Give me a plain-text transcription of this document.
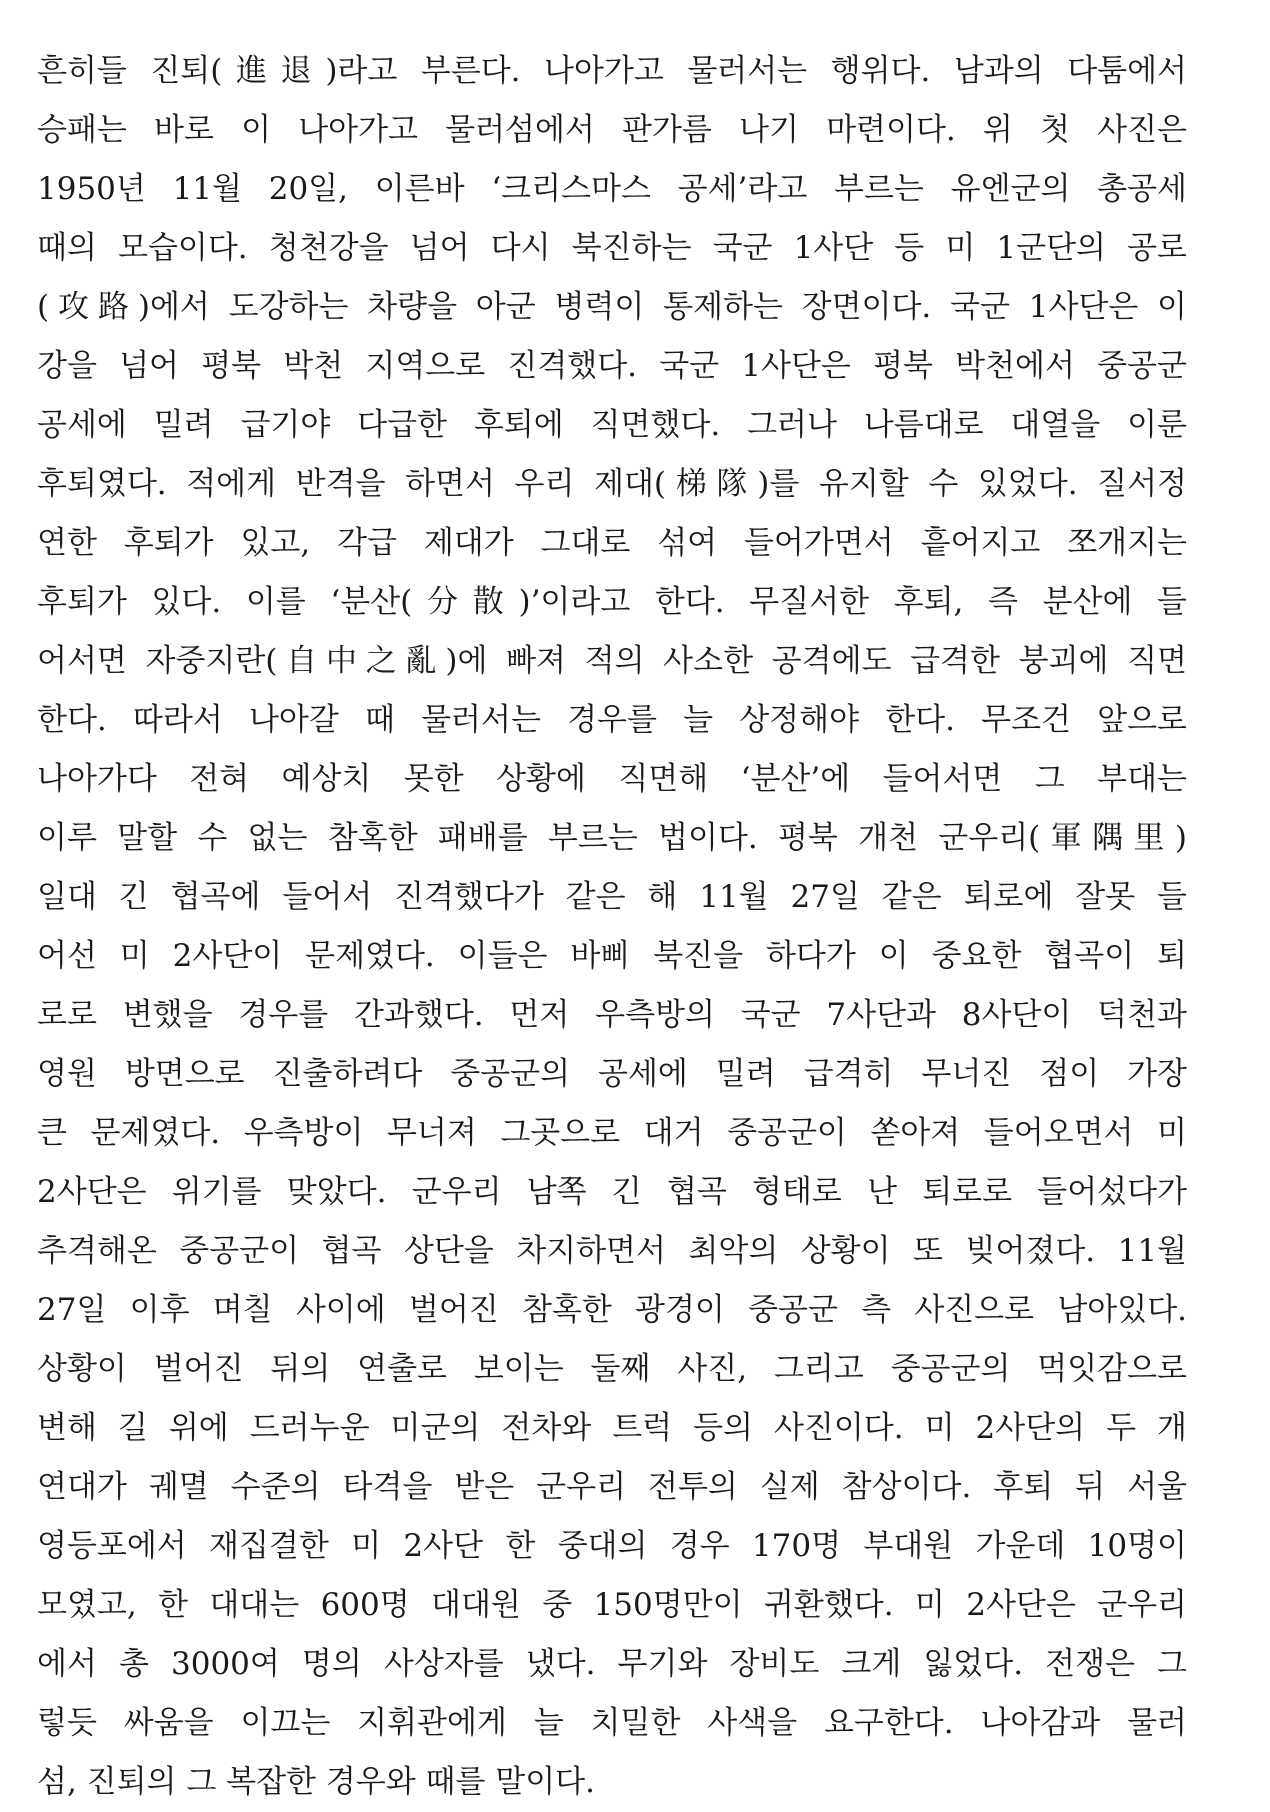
흔히들 진퇴(進退)라고 부른다. 나아가고 물러서는 행위다. 남과의 다툼에서
승패는 바로 이 나아가고 물러섬에서 판가름 나기 마련이다. 위 첫 사진은
1950년 11월 20일, 이른바 ‘크리스마스 공세’라고 부르는 유엔군의 총공세
때의 모습이다. 청천강을 넘어 다시 북진하는 국군 1사단 등 미 1군단의 공로
(攻路)에서 도강하는 차량을 아군 병력이 통제하는 장면이다. 국군 1사단은 이
강을 넘어 평북 박천 지역으로 진격했다. 국군 1사단은 평북 박천에서 중공군
공세에 밀려 급기야 다급한 후퇴에 직면했다. 그러나 나름대로 대열을 이룬
후퇴였다. 적에게 반격을 하면서 우리 제대(梯隊)를 유지할 수 있었다. 질서정
연한 후퇴가 있고, 각급 제대가 그대로 섞여 들어가면서 흩어지고 쪼개지는
후퇴가 있다. 이를 ‘분산(分散)’이라고 한다. 무질서한 후퇴, 즉 분산에 들
어서면 자중지란(自中之亂)에 빠져 적의 사소한 공격에도 급격한 붕괴에 직면
한다. 따라서 나아갈 때 물러서는 경우를 늘 상정해야 한다. 무조건 앞으로
나아가다 전혀 예상치 못한 상황에 직면해 ‘분산’에 들어서면 그 부대는
이루 말할 수 없는 참혹한 패배를 부르는 법이다. 평북 개천 군우리(軍隅里)
일대 긴 협곡에 들어서 진격했다가 같은 해 11월 27일 같은 퇴로에 잘못 들
어선 미 2사단이 문제였다. 이들은 바삐 북진을 하다가 이 중요한 협곡이 퇴
로로 변했을 경우를 간과했다. 먼저 우측방의 국군 7사단과 8사단이 덕천과
영원 방면으로 진출하려다 중공군의 공세에 밀려 급격히 무너진 점이 가장
큰 문제였다. 우측방이 무너져 그곳으로 대거 중공군이 쏟아져 들어오면서 미
2사단은 위기를 맞았다. 군우리 남쪽 긴 협곡 형태로 난 퇴로로 들어섰다가
추격해온 중공군이 협곡 상단을 차지하면서 최악의 상황이 또 빚어졌다. 11월
27일 이후 며칠 사이에 벌어진 참혹한 광경이 중공군 측 사진으로 남아있다.
상황이 벌어진 뒤의 연출로 보이는 둘째 사진, 그리고 중공군의 먹잇감으로
변해 길 위에 드러누운 미군의 전차와 트럭 등의 사진이다. 미 2사단의 두 개
연대가 궤멸 수준의 타격을 받은 군우리 전투의 실제 참상이다. 후퇴 뒤 서울
영등포에서 재집결한 미 2사단 한 중대의 경우 170명 부대원 가운데 10명이
모였고, 한 대대는 600명 대대원 중 150명만이 귀환했다. 미 2사단은 군우리
에서 총 3000여 명의 사상자를 냈다. 무기와 장비도 크게 잃었다. 전쟁은 그
렇듯 싸움을 이끄는 지휘관에게 늘 치밀한 사색을 요구한다. 나아감과 물러
섬, 진퇴의 그 복잡한 경우와 때를 말이다.
